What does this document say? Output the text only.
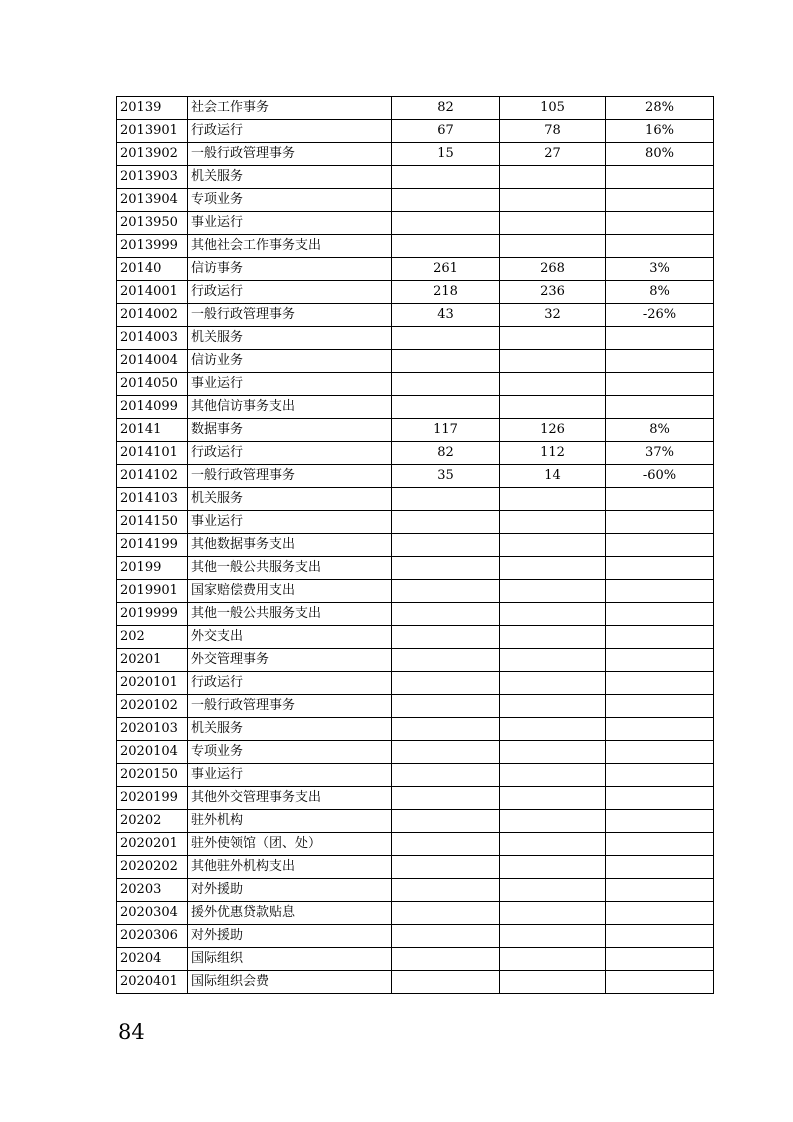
20139	社会工作事务	82	105	28%
2013901	行政运行	67	78	16%
2013902	一般行政管理事务	15	27	80%
2013903	机关服务			
2013904	专项业务			
2013950	事业运行			
2013999	其他社会工作事务支出			
20140	信访事务	261	268	3%
2014001	行政运行	218	236	8%
2014002	一般行政管理事务	43	32	-26%
2014003	机关服务			
2014004	信访业务			
2014050	事业运行			
2014099	其他信访事务支出			
20141	数据事务	117	126	8%
2014101	行政运行	82	112	37%
2014102	一般行政管理事务	35	14	-60%
2014103	机关服务			
2014150	事业运行			
2014199	其他数据事务支出			
20199	其他一般公共服务支出			
2019901	国家赔偿费用支出			
2019999	其他一般公共服务支出			
202	外交支出			
20201	外交管理事务			
2020101	行政运行			
2020102	一般行政管理事务			
2020103	机关服务			
2020104	专项业务			
2020150	事业运行			
2020199	其他外交管理事务支出			
20202	驻外机构			
2020201	驻外使领馆（团、处）			
2020202	其他驻外机构支出			
20203	对外援助			
2020304	援外优惠贷款贴息			
2020306	对外援助			
20204	国际组织			
2020401	国际组织会费			
84
